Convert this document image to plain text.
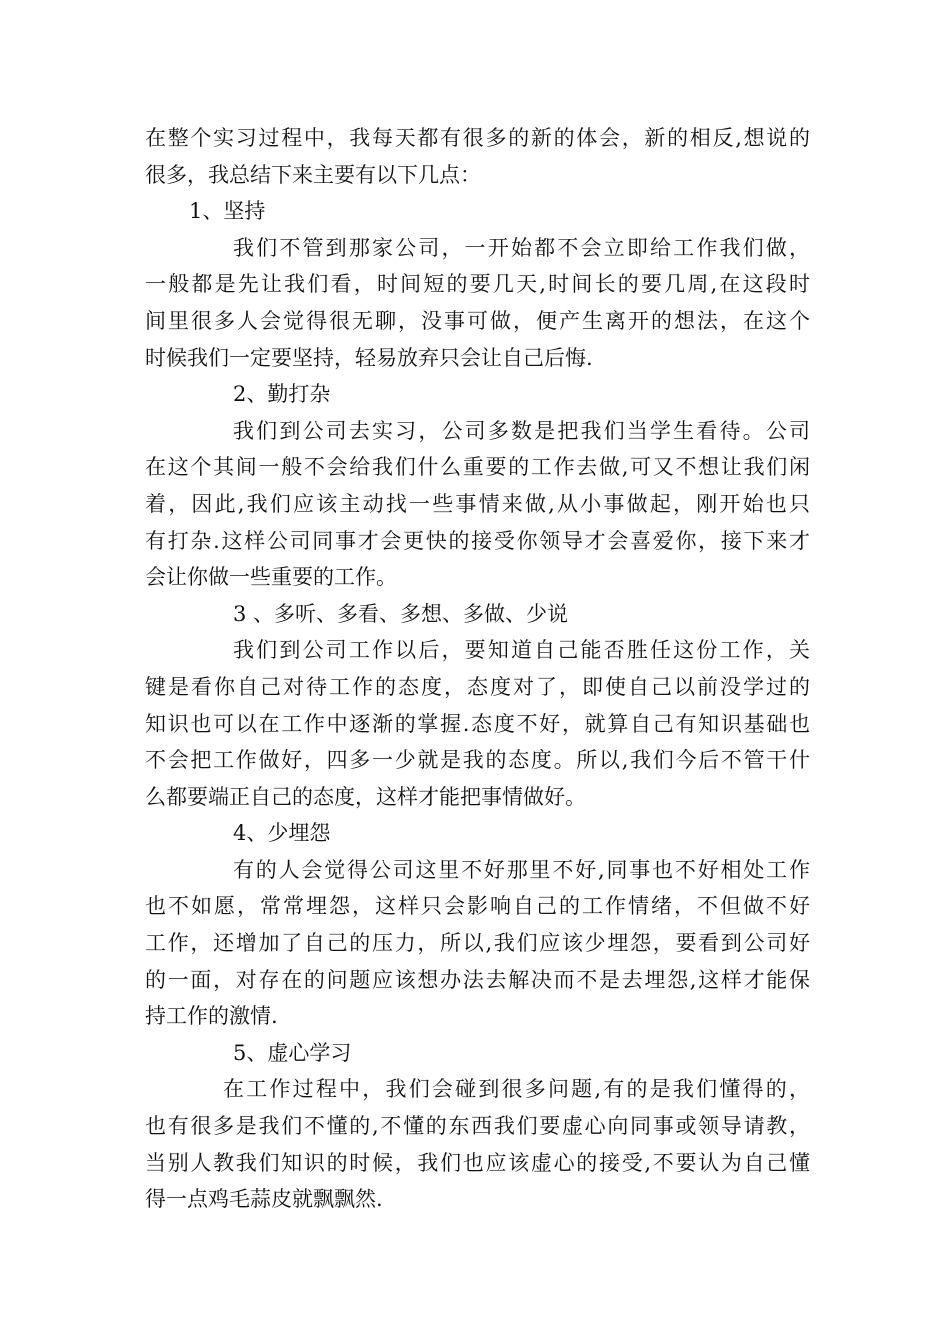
在整个实习过程中，我每天都有很多的新的体会，新的相反,想说的
很多，我总结下来主要有以下几点：
1、坚持
我们不管到那家公司，一开始都不会立即给工作我们做，
一般都是先让我们看，时间短的要几天,时间长的要几周,在这段时
间里很多人会觉得很无聊，没事可做，便产生离开的想法，在这个
时候我们一定要坚持，轻易放弃只会让自己后悔.
2、勤打杂
我们到公司去实习，公司多数是把我们当学生看待。公司
在这个其间一般不会给我们什么重要的工作去做,可又不想让我们闲
着，因此,我们应该主动找一些事情来做,从小事做起，刚开始也只
有打杂.这样公司同事才会更快的接受你领导才会喜爱你，接下来才
会让你做一些重要的工作。
3 、多听、多看、多想、多做、少说
我们到公司工作以后，要知道自己能否胜任这份工作，关
键是看你自己对待工作的态度，态度对了，即使自己以前没学过的
知识也可以在工作中逐渐的掌握.态度不好，就算自己有知识基础也
不会把工作做好，四多一少就是我的态度。所以,我们今后不管干什
么都要端正自己的态度，这样才能把事情做好。
4、少埋怨
有的人会觉得公司这里不好那里不好,同事也不好相处工作
也不如愿，常常埋怨，这样只会影响自己的工作情绪，不但做不好
工作，还增加了自己的压力，所以,我们应该少埋怨，要看到公司好
的一面，对存在的问题应该想办法去解决而不是去埋怨,这样才能保
持工作的激情.
5、虚心学习
在工作过程中，我们会碰到很多问题,有的是我们懂得的，
也有很多是我们不懂的,不懂的东西我们要虚心向同事或领导请教，
当别人教我们知识的时候，我们也应该虚心的接受,不要认为自己懂
得一点鸡毛蒜皮就飘飘然.
